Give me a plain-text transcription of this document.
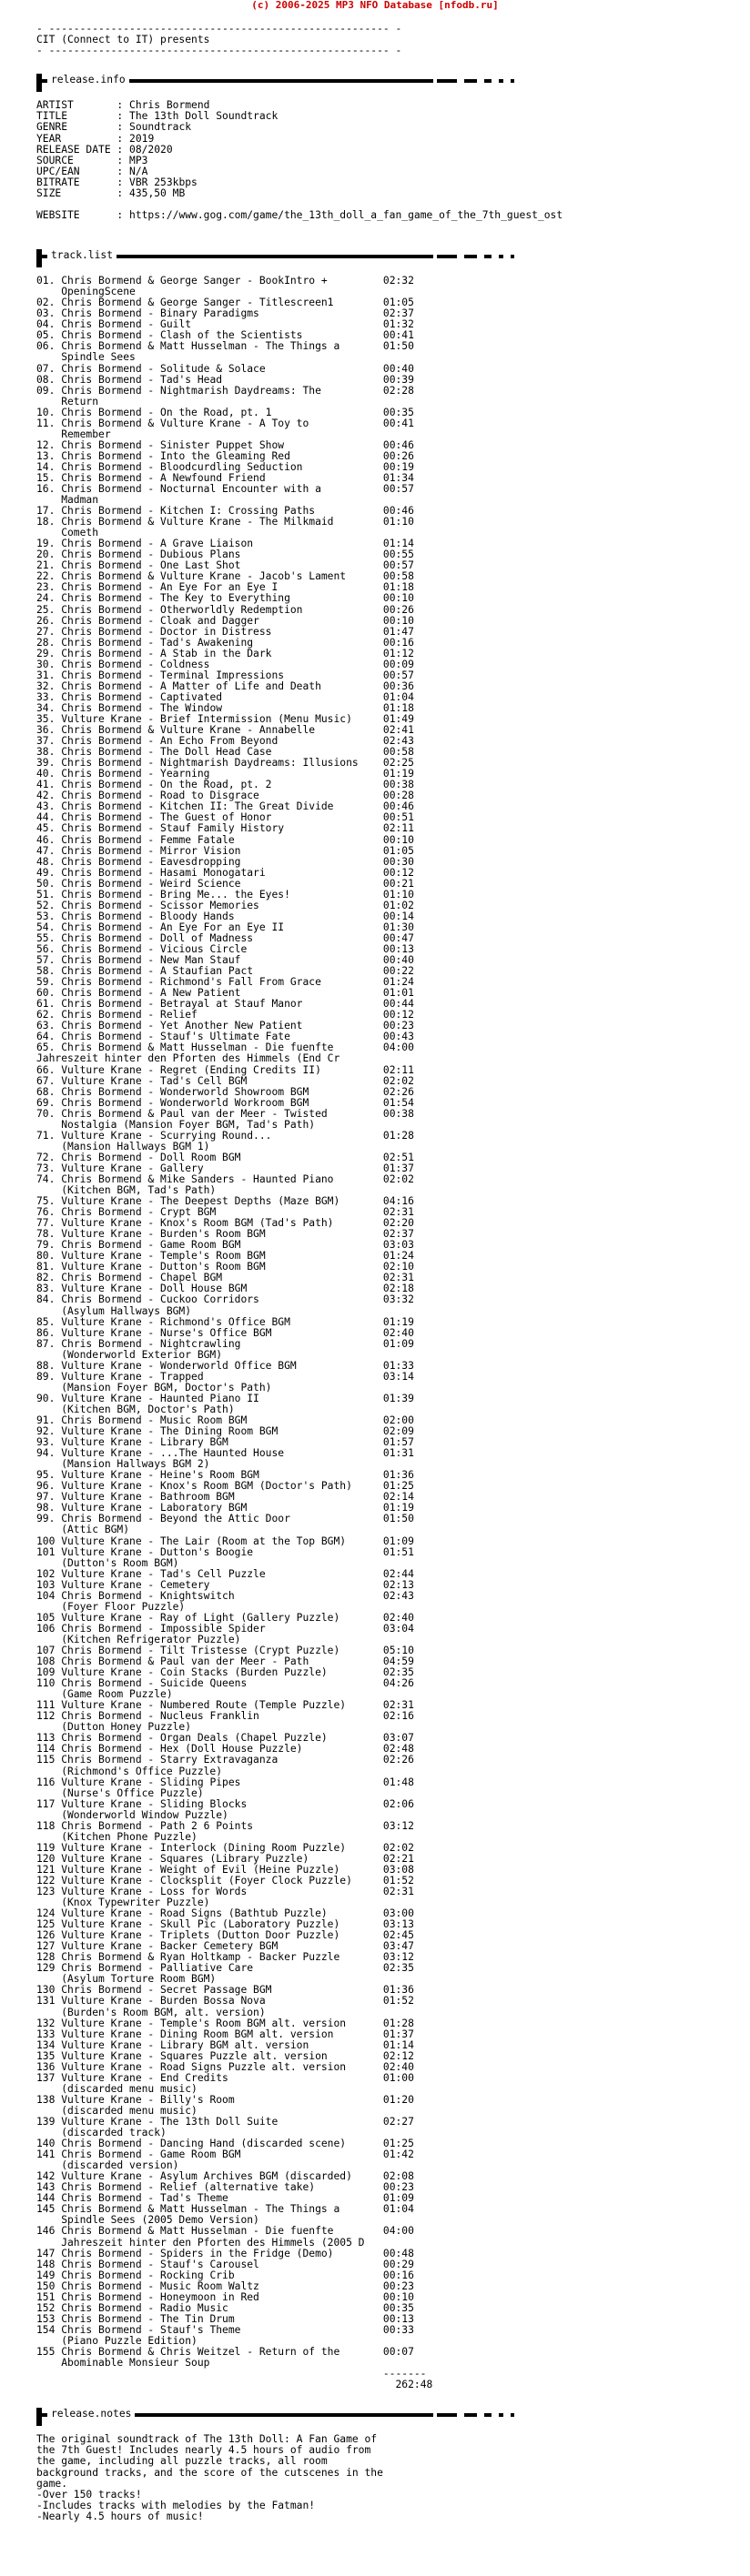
(c) 2006-2025 MP3 NFO Database [nfodb.ru]

- ------------------------------------------------------- -
CIT (Connect to IT) presents
- ------------------------------------------------------- -

ARTIST       : Chris Bormend
TITLE        : The 13th Doll Soundtrack
GENRE        : Soundtrack
YEAR         : 2019
RELEASE DATE : 08/2020
SOURCE       : MP3
UPC/EAN      : N/A
BITRATE      : VBR 253kbps
SIZE         : 435,50 MB

WEBSITE      : https://www.gog.com/game/the_13th_doll_a_fan_game_of_the_7th_guest_ost

01. Chris Bormend & George Sanger - BookIntro +	02:32
OpeningScene
02. Chris Bormend & George Sanger - Titlescreen1	01:05
03. Chris Bormend - Binary Paradigms	02:37
04. Chris Bormend - Guilt	01:32
05. Chris Bormend - Clash of the Scientists	00:41
06. Chris Bormend & Matt Husselman - The Things a	01:50
Spindle Sees
07. Chris Bormend - Solitude & Solace	00:40
08. Chris Bormend - Tad's Head	00:39
09. Chris Bormend - Nightmarish Daydreams: The	02:28
Return
10. Chris Bormend - On the Road, pt. 1	00:35
11. Chris Bormend & Vulture Krane - A Toy to	00:41
Remember
12. Chris Bormend - Sinister Puppet Show	00:46
13. Chris Bormend - Into the Gleaming Red	00:26
14. Chris Bormend - Bloodcurdling Seduction	00:19
15. Chris Bormend - A Newfound Friend	01:34
16. Chris Bormend - Nocturnal Encounter with a	00:57
Madman
17. Chris Bormend - Kitchen I: Crossing Paths	00:46
18. Chris Bormend & Vulture Krane - The Milkmaid	01:10
Cometh
19. Chris Bormend - A Grave Liaison	01:14
20. Chris Bormend - Dubious Plans	00:55
21. Chris Bormend - One Last Shot	00:57
22. Chris Bormend & Vulture Krane - Jacob's Lament	00:58
23. Chris Bormend - An Eye For an Eye I	01:18
24. Chris Bormend - The Key to Everything	00:10
25. Chris Bormend - Otherworldly Redemption	00:26
26. Chris Bormend - Cloak and Dagger	00:10
27. Chris Bormend - Doctor in Distress	01:47
28. Chris Bormend - Tad's Awakening	00:16
29. Chris Bormend - A Stab in the Dark	01:12
30. Chris Bormend - Coldness	00:09
31. Chris Bormend - Terminal Impressions	00:57
32. Chris Bormend - A Matter of Life and Death	00:36
33. Chris Bormend - Captivated	01:04
34. Chris Bormend - The Window	01:18
35. Vulture Krane - Brief Intermission (Menu Music)	01:49
36. Chris Bormend & Vulture Krane - Annabelle	02:41
37. Chris Bormend - An Echo From Beyond	02:43
38. Chris Bormend - The Doll Head Case	00:58
39. Chris Bormend - Nightmarish Daydreams: Illusions 02:25
40. Chris Bormend - Yearning	01:19
41. Chris Bormend - On the Road, pt. 2	00:38
42. Chris Bormend - Road to Disgrace	00:28
43. Chris Bormend - Kitchen II: The Great Divide	00:46
44. Chris Bormend - The Guest of Honor	00:51
45. Chris Bormend - Stauf Family History	02:11
46. Chris Bormend - Femme Fatale	00:10
47. Chris Bormend - Mirror Vision	01:05
48. Chris Bormend - Eavesdropping	00:30
49. Chris Bormend - Hasami Monogatari	00:12
50. Chris Bormend - Weird Science	00:21
51. Chris Bormend - Bring Me... the Eyes!	01:10
52. Chris Bormend - Scissor Memories	01:02
53. Chris Bormend - Bloody Hands	00:14
54. Chris Bormend - An Eye For an Eye II	01:30
55. Chris Bormend - Doll of Madness	00:47
56. Chris Bormend - Vicious Circle	00:13
57. Chris Bormend - New Man Stauf	00:40
58. Chris Bormend - A Staufian Pact	00:22
59. Chris Bormend - Richmond's Fall From Grace	01:24
60. Chris Bormend - A New Patient	01:01
61. Chris Bormend - Betrayal at Stauf Manor	00:44
62. Chris Bormend - Relief	00:12
63. Chris Bormend - Yet Another New Patient	00:23
64. Chris Bormend - Stauf's Ultimate Fate	00:43
65. Chris Bormend & Matt Husselman - Die fuenfte	04:00
Jahreszeit hinter den Pforten des Himmels (End Cr
66. Vulture Krane - Regret (Ending Credits II)	02:11
67. Vulture Krane - Tad's Cell BGM	02:02
68. Chris Bormend - Wonderworld Showroom BGM	02:26
69. Chris Bormend - Wonderworld Workroom BGM	01:54
70. Chris Bormend & Paul van der Meer - Twisted	00:38
Nostalgia (Mansion Foyer BGM, Tad's Path)
71. Vulture Krane - Scurrying Round...	01:28
(Mansion Hallways BGM 1)
72. Chris Bormend - Doll Room BGM	02:51
73. Vulture Krane - Gallery	01:37
74. Chris Bormend & Mike Sanders - Haunted Piano	02:02
(Kitchen BGM, Tad's Path)
75. Vulture Krane - The Deepest Depths (Maze BGM)	04:16
76. Chris Bormend - Crypt BGM	02:31
77. Vulture Krane - Knox's Room BGM (Tad's Path)	02:20
78. Vulture Krane - Burden's Room BGM	02:37
79. Chris Bormend - Game Room BGM	03:03
80. Vulture Krane - Temple's Room BGM	01:24
81. Vulture Krane - Dutton's Room BGM	02:10
82. Chris Bormend - Chapel BGM	02:31
83. Vulture Krane - Doll House BGM	02:18
84. Chris Bormend - Cuckoo Corridors	03:32
(Asylum Hallways BGM)
85. Vulture Krane - Richmond's Office BGM	01:19
86. Vulture Krane - Nurse's Office BGM	02:40
87. Chris Bormend - Nightcrawling	01:09
(Wonderworld Exterior BGM)
88. Vulture Krane - Wonderworld Office BGM	01:33
89. Vulture Krane - Trapped	03:14
(Mansion Foyer BGM, Doctor's Path)
90. Vulture Krane - Haunted Piano II	01:39
(Kitchen BGM, Doctor's Path)
91. Chris Bormend - Music Room BGM	02:00
92. Vulture Krane - The Dining Room BGM	02:09
93. Vulture Krane - Library BGM	01:57
94. Vulture Krane - ...The Haunted House	01:31
(Mansion Hallways BGM 2)
95. Vulture Krane - Heine's Room BGM	01:36
96. Vulture Krane - Knox's Room BGM (Doctor's Path)	01:25
97. Vulture Krane - Bathroom BGM	02:14
98. Vulture Krane - Laboratory BGM	01:19
99. Chris Bormend - Beyond the Attic Door	01:50
(Attic BGM)
100 Vulture Krane - The Lair (Room at the Top BGM)	01:09
101 Vulture Krane - Dutton's Boogie	01:51
(Dutton's Room BGM)
102 Vulture Krane - Tad's Cell Puzzle	02:44
103 Vulture Krane - Cemetery	02:13
104 Chris Bormend - Knightswitch	02:43
(Foyer Floor Puzzle)
105 Vulture Krane - Ray of Light (Gallery Puzzle)	02:40
106 Chris Bormend - Impossible Spider	03:04
(Kitchen Refrigerator Puzzle)
107 Chris Bormend - Tilt Tristesse (Crypt Puzzle)	05:10
108 Chris Bormend & Paul van der Meer - Path	04:59
109 Vulture Krane - Coin Stacks (Burden Puzzle)	02:35
110 Chris Bormend - Suicide Queens	04:26
(Game Room Puzzle)
111 Vulture Krane - Numbered Route (Temple Puzzle)	02:31
112 Chris Bormend - Nucleus Franklin	02:16
(Dutton Honey Puzzle)
113 Chris Bormend - Organ Deals (Chapel Puzzle)	03:07
114 Chris Bormend - Hex (Doll House Puzzle)	02:48
115 Chris Bormend - Starry Extravaganza	02:26
(Richmond's Office Puzzle)
116 Vulture Krane - Sliding Pipes	01:48
(Nurse's Office Puzzle)
117 Vulture Krane - Sliding Blocks	02:06
(Wonderworld Window Puzzle)
118 Chris Bormend - Path 2 6 Points	03:12
(Kitchen Phone Puzzle)
119 Vulture Krane - Interlock (Dining Room Puzzle)	02:02
120 Vulture Krane - Squares (Library Puzzle)	02:21
121 Vulture Krane - Weight of Evil (Heine Puzzle)	03:08
122 Vulture Krane - Clocksplit (Foyer Clock Puzzle)	01:52
123 Vulture Krane - Loss for Words	02:31
(Knox Typewriter Puzzle)
124 Vulture Krane - Road Signs (Bathtub Puzzle)	03:00
125 Vulture Krane - Skull Pic (Laboratory Puzzle)	03:13
126 Vulture Krane - Triplets (Dutton Door Puzzle)	02:45
127 Vulture Krane - Backer Cemetery BGM	03:47
128 Chris Bormend & Ryan Holtkamp - Backer Puzzle	03:12
129 Chris Bormend - Palliative Care	02:35
(Asylum Torture Room BGM)
130 Chris Bormend - Secret Passage BGM	01:36
131 Vulture Krane - Burden Bossa Nova	01:52
(Burden's Room BGM, alt. version)
132 Vulture Krane - Temple's Room BGM alt. version	01:28
133 Vulture Krane - Dining Room BGM alt. version	01:37
134 Vulture Krane - Library BGM alt. version	01:14
135 Vulture Krane - Squares Puzzle alt. version	02:12
136 Vulture Krane - Road Signs Puzzle alt. version	02:40
137 Vulture Krane - End Credits	01:00
(discarded menu music)
138 Vulture Krane - Billy's Room	01:20
(discarded menu music)
139 Vulture Krane - The 13th Doll Suite	02:27
(discarded track)
140 Chris Bormend - Dancing Hand (discarded scene)	01:25
141 Chris Bormend - Game Room BGM	01:42
(discarded version)
142 Vulture Krane - Asylum Archives BGM (discarded)	02:08
143 Chris Bormend - Relief (alternative take)	00:23
144 Chris Bormend - Tad's Theme	01:09
145 Chris Bormend & Matt Husselman - The Things a	01:04
Spindle Sees (2005 Demo Version)
146 Chris Bormend & Matt Husselman - Die fuenfte	04:00
Jahreszeit hinter den Pforten des Himmels (2005 D
147 Chris Bormend - Spiders in the Fridge (Demo)	00:48
148 Chris Bormend - Stauf's Carousel	00:29
149 Chris Bormend - Rocking Crib	00:16
150 Chris Bormend - Music Room Waltz	00:23
151 Chris Bormend - Honeymoon in Red	00:10
152 Chris Bormend - Radio Music	00:35
153 Chris Bormend - The Tin Drum	00:13
154 Chris Bormend - Stauf's Theme	00:33
(Piano Puzzle Edition)
155 Chris Bormend & Chris Weitzel - Return of the	00:07
Abominable Monsieur Soup
-------
262:48

The original soundtrack of The 13th Doll: A Fan Game of
the 7th Guest! Includes nearly 4.5 hours of audio from
the game, including all puzzle tracks, all room
background tracks, and the score of the cutscenes in the
game.
-Over 150 tracks!
-Includes tracks with melodies by the Fatman!
-Nearly 4.5 hours of music!

release.info
track.list
release.notes
